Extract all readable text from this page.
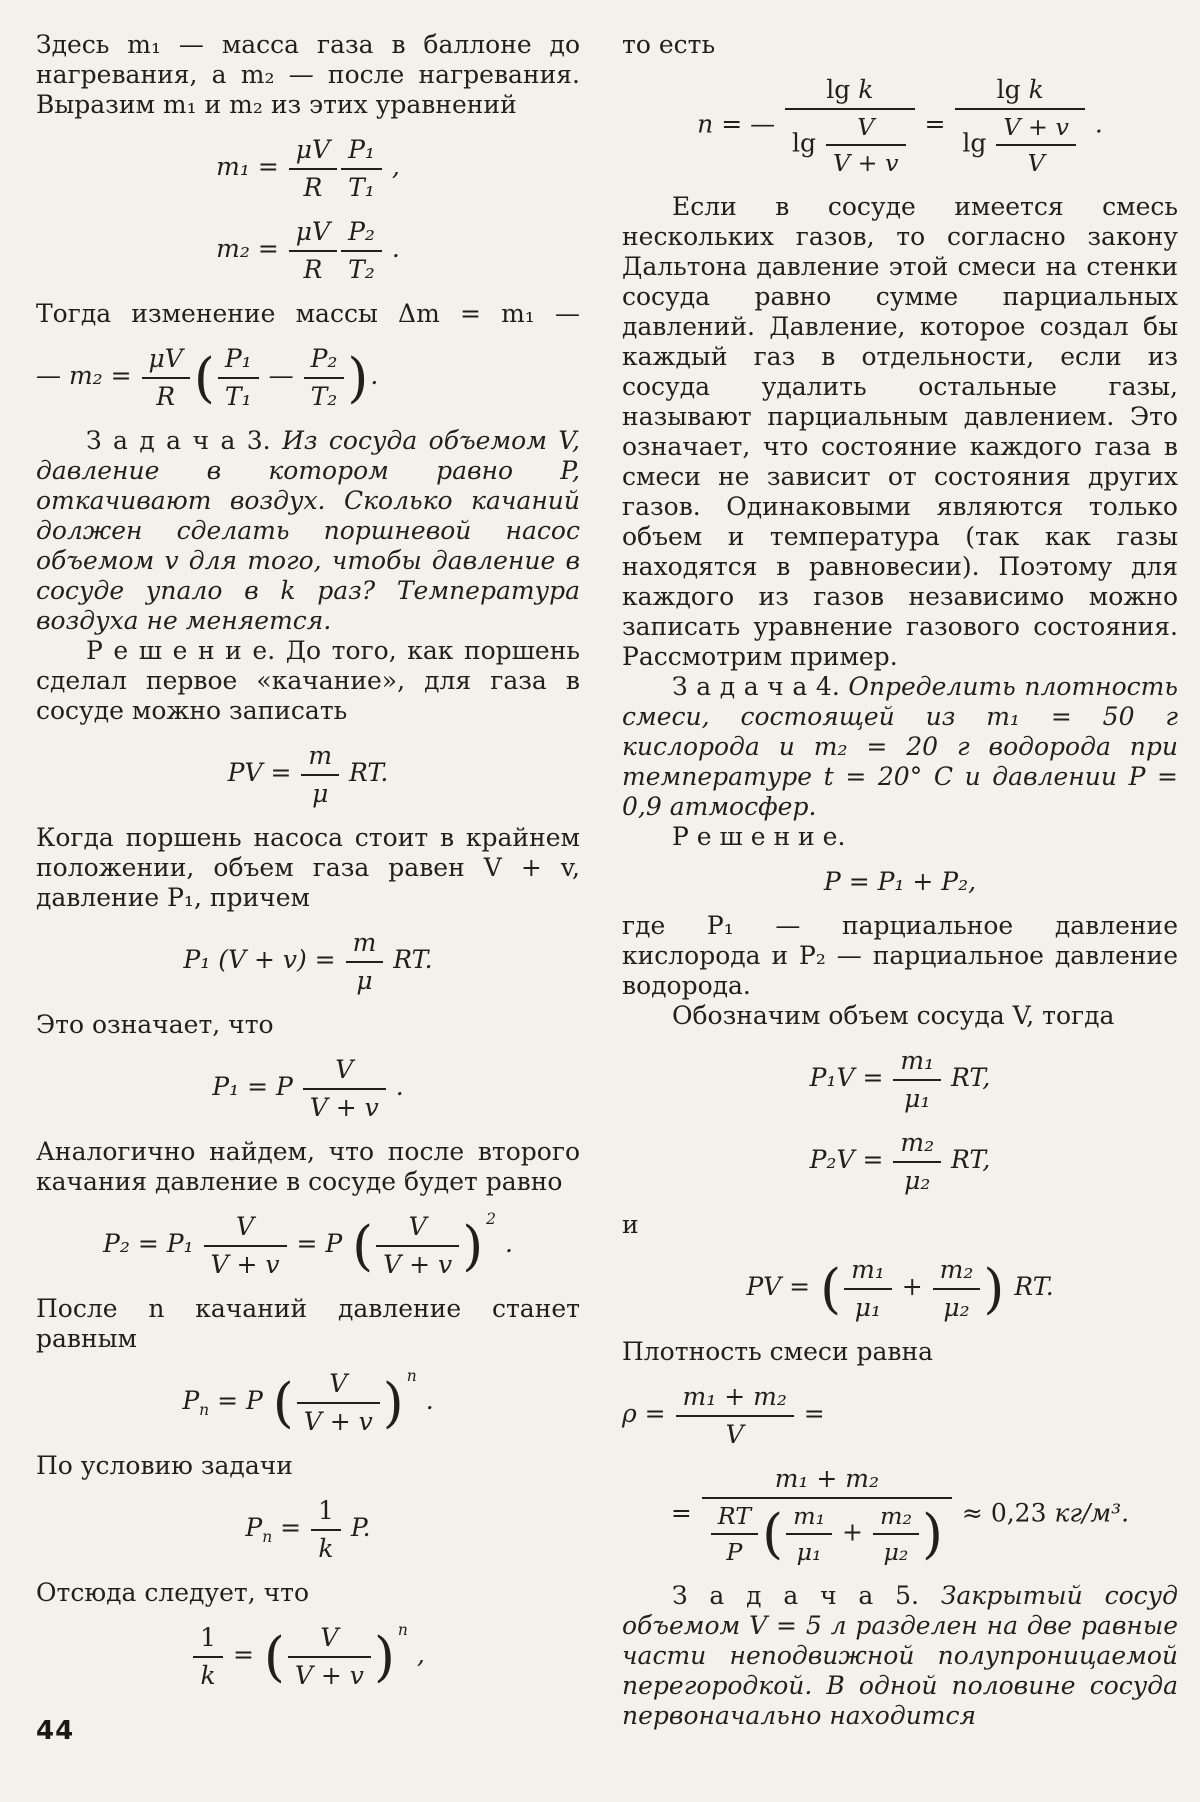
Здесь m₁ — масса газа в баллоне до нагревания, а m₂ — после нагревания. Выразим m₁ и m₂ из этих уравнений

$m_1 = \frac{\mu V}{R} \frac{\text{P₁}}{\text{T₁}}$ ,
$m_2 = \frac{\mu V}{R} \frac{\text{P₂}}{\text{T₂}}$ .

Тогда изменение массы Δm = m₁ —

— $m_2 = \frac{\mu V}{R}$ ( $\frac{\text{P₁}}{\text{T₁}}$ — $\frac{\text{P₂}}{\text{T₂}}$ ) .

З а д а ч а 3. Из сосуда объемом V, давление в котором равно P, откачивают воздух. Сколько качаний должен сделать поршневой насос объемом v для того, чтобы давление в сосуде упало в k раз? Температура воздуха не меняется.

Р е ш е н и е. До того, как поршень сделал первое «качание», для газа в сосуде можно записать

PV = $\frac{m}{\mu}$ RT.

Когда поршень насоса стоит в крайнем положении, объем газа равен V + v, давление P₁, причем

P₁ $(V + v) = \frac{m}{\mu}$ RT.

Это означает, что

P₁ = P $\frac{V}{V + v}$ .

Аналогично найдем, что после второго качания давление в сосуде будет равно

$P_2 = P_1 \frac{V}{V + v} = P$ ( $\frac{V}{V + v}$ ) 2
.

После n качаний давление станет равным

$P_n = P$ ( $\frac{V}{V + v}$ ) n
.

По условию задачи

$P_n = \frac{1}{k} P$.

Отсюда следует, что

$\frac{1}{k}$ = ( $\frac{V}{V + v}$ ) n
,

то есть

n = — $\frac{\text{lg k}}{\lg \frac{V}{V + v}} = \frac{\text{lg k}}{\lg \frac{V + v}{V}}$ .

Если в сосуде имеется смесь нескольких газов, то согласно закону Дальтона давление этой смеси на стенки сосуда равно сумме парциальных давлений. Давление, которое создал бы каждый газ в отдельности, если из сосуда удалить остальные газы, называют парциальным давлением. Это означает, что состояние каждого газа в смеси не зависит от состояния других газов. Одинаковыми являются только объем и температура (так как газы находятся в равновесии). Поэтому для каждого из газов независимо можно записать уравнение газового состояния. Рассмотрим пример.

З а д а ч а 4. Определить плотность смеси, состоящей из m₁ = 50 г кислорода и m₂ = 20 г водорода при температуре t = 20° С и давлении P = 0,9 атмосфер.

Р е ш е н и е.

P = P₁ + P₂,

где P₁ — парциальное давление кислорода и P₂ — парциальное давление водорода.

Обозначим объем сосуда V, тогда

$P_1V = \frac{\text{m₁}}{\text{μ₁}}$ RT,
$P_2V = \frac{\text{m₂}}{\text{μ₂}}$ RT,

и

PV = ( $\frac{\text{m₁}}{\text{μ₁}} + \frac{\text{m₂}}{\text{μ₂}}$ ) RT.

Плотность смеси равна

$\rho = \frac{\text{m₁ + m₂}}{V}$ =
= $\frac{\text{m₁ + m₂}}{\frac{RT}{P} ( \frac{\text{m₁}}{\text{μ₁}} + \frac{\text{m₂}}{\text{μ₂}} )} \approx 0,23$ кг/м³.

З а д а ч а 5. Закрытый сосуд объемом V = 5 л разделен на две равные части неподвижной полупроницаемой перегородкой. В одной половине сосуда первоначально находится

44
